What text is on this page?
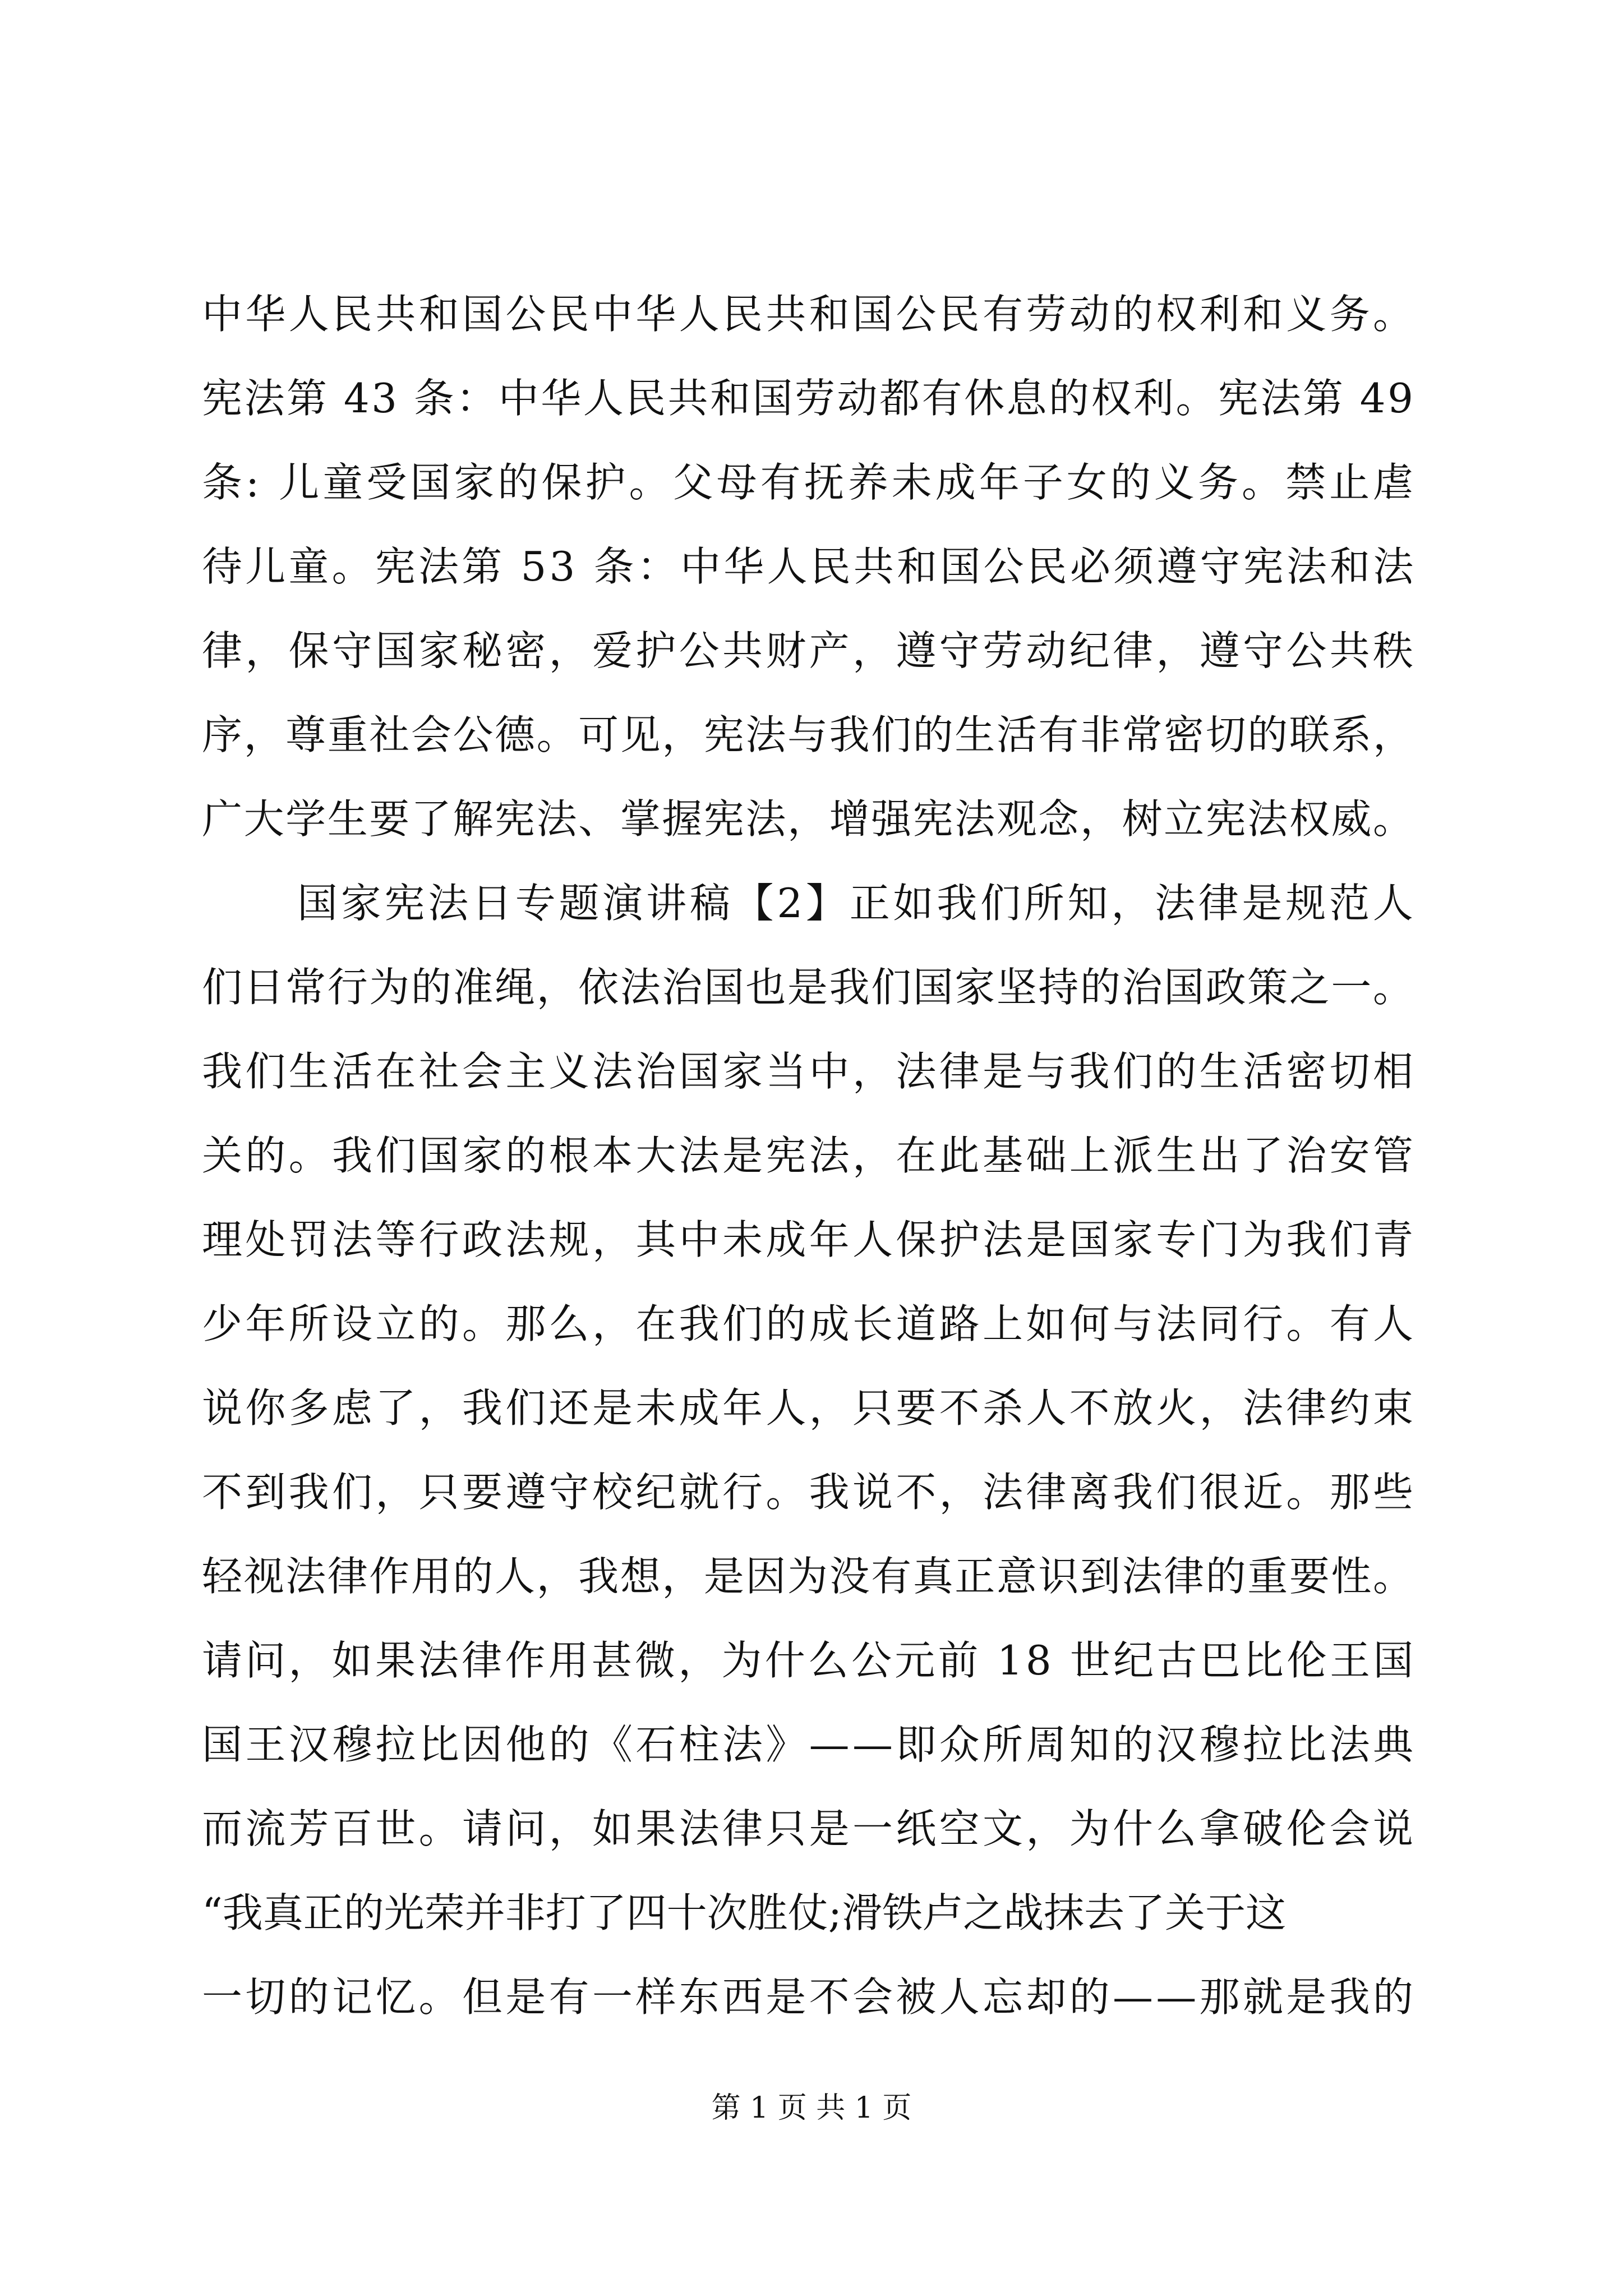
中华人民共和国公民中华人民共和国公民有劳动的权利和义务。
宪法第 43 条：中华人民共和国劳动都有休息的权利。宪法第 49
条: 儿童受国家的保护。父母有抚养未成年子女的义务。禁止虐
待儿童。宪法第 53 条：中华人民共和国公民必须遵守宪法和法
律，保守国家秘密，爱护公共财产，遵守劳动纪律，遵守公共秩
序，尊重社会公德。可见，宪法与我们的生活有非常密切的联系，
广大学生要了解宪法、掌握宪法，增强宪法观念，树立宪法权威。
国家宪法日专题演讲稿【2】正如我们所知，法律是规范人
们日常行为的准绳，依法治国也是我们国家坚持的治国政策之一。
我们生活在社会主义法治国家当中，法律是与我们的生活密切相
关的。我们国家的根本大法是宪法，在此基础上派生出了治安管
理处罚法等行政法规，其中未成年人保护法是国家专门为我们青
少年所设立的。那么，在我们的成长道路上如何与法同行。有人
说你多虑了，我们还是未成年人，只要不杀人不放火，法律约束
不到我们，只要遵守校纪就行。我说不，法律离我们很近。那些
轻视法律作用的人，我想，是因为没有真正意识到法律的重要性。
请问，如果法律作用甚微，为什么公元前 18 世纪古巴比伦王国
国王汉穆拉比因他的《石柱法》——即众所周知的汉穆拉比法典
而流芳百世。请问，如果法律只是一纸空文，为什么拿破伦会说
“我真正的光荣并非打了四十次胜仗;滑铁卢之战抹去了关于这
一切的记忆。但是有一样东西是不会被人忘却的——那就是我的
第 1 页 共 1 页
